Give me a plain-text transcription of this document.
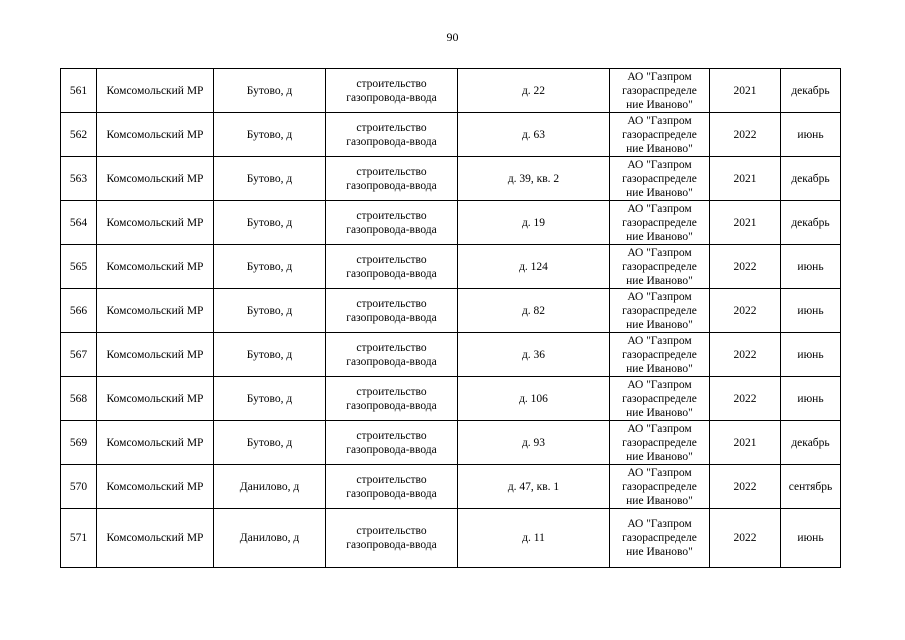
90
561	Комсомольский МР	Бутово, д	строительство газопровода-ввода	д. 22	АО "Газпром
газораспределе
ние Иваново"	2021	декабрь
562	Комсомольский МР	Бутово, д	строительство газопровода-ввода	д. 63	АО "Газпром
газораспределе
ние Иваново"	2022	июнь
563	Комсомольский МР	Бутово, д	строительство газопровода-ввода	д. 39, кв. 2	АО "Газпром
газораспределе
ние Иваново"	2021	декабрь
564	Комсомольский МР	Бутово, д	строительство газопровода-ввода	д. 19	АО "Газпром
газораспределе
ние Иваново"	2021	декабрь
565	Комсомольский МР	Бутово, д	строительство газопровода-ввода	д. 124	АО "Газпром
газораспределе
ние Иваново"	2022	июнь
566	Комсомольский МР	Бутово, д	строительство газопровода-ввода	д. 82	АО "Газпром
газораспределе
ние Иваново"	2022	июнь
567	Комсомольский МР	Бутово, д	строительство газопровода-ввода	д. 36	АО "Газпром
газораспределе
ние Иваново"	2022	июнь
568	Комсомольский МР	Бутово, д	строительство газопровода-ввода	д. 106	АО "Газпром
газораспределе
ние Иваново"	2022	июнь
569	Комсомольский МР	Бутово, д	строительство газопровода-ввода	д. 93	АО "Газпром
газораспределе
ние Иваново"	2021	декабрь
570	Комсомольский МР	Данилово, д	строительство газопровода-ввода	д. 47, кв. 1	АО "Газпром
газораспределе
ние Иваново"	2022	сентябрь
571	Комсомольский МР	Данилово, д	строительство газопровода-ввода	д. 11	АО "Газпром
газораспределе
ние Иваново"	2022	июнь
